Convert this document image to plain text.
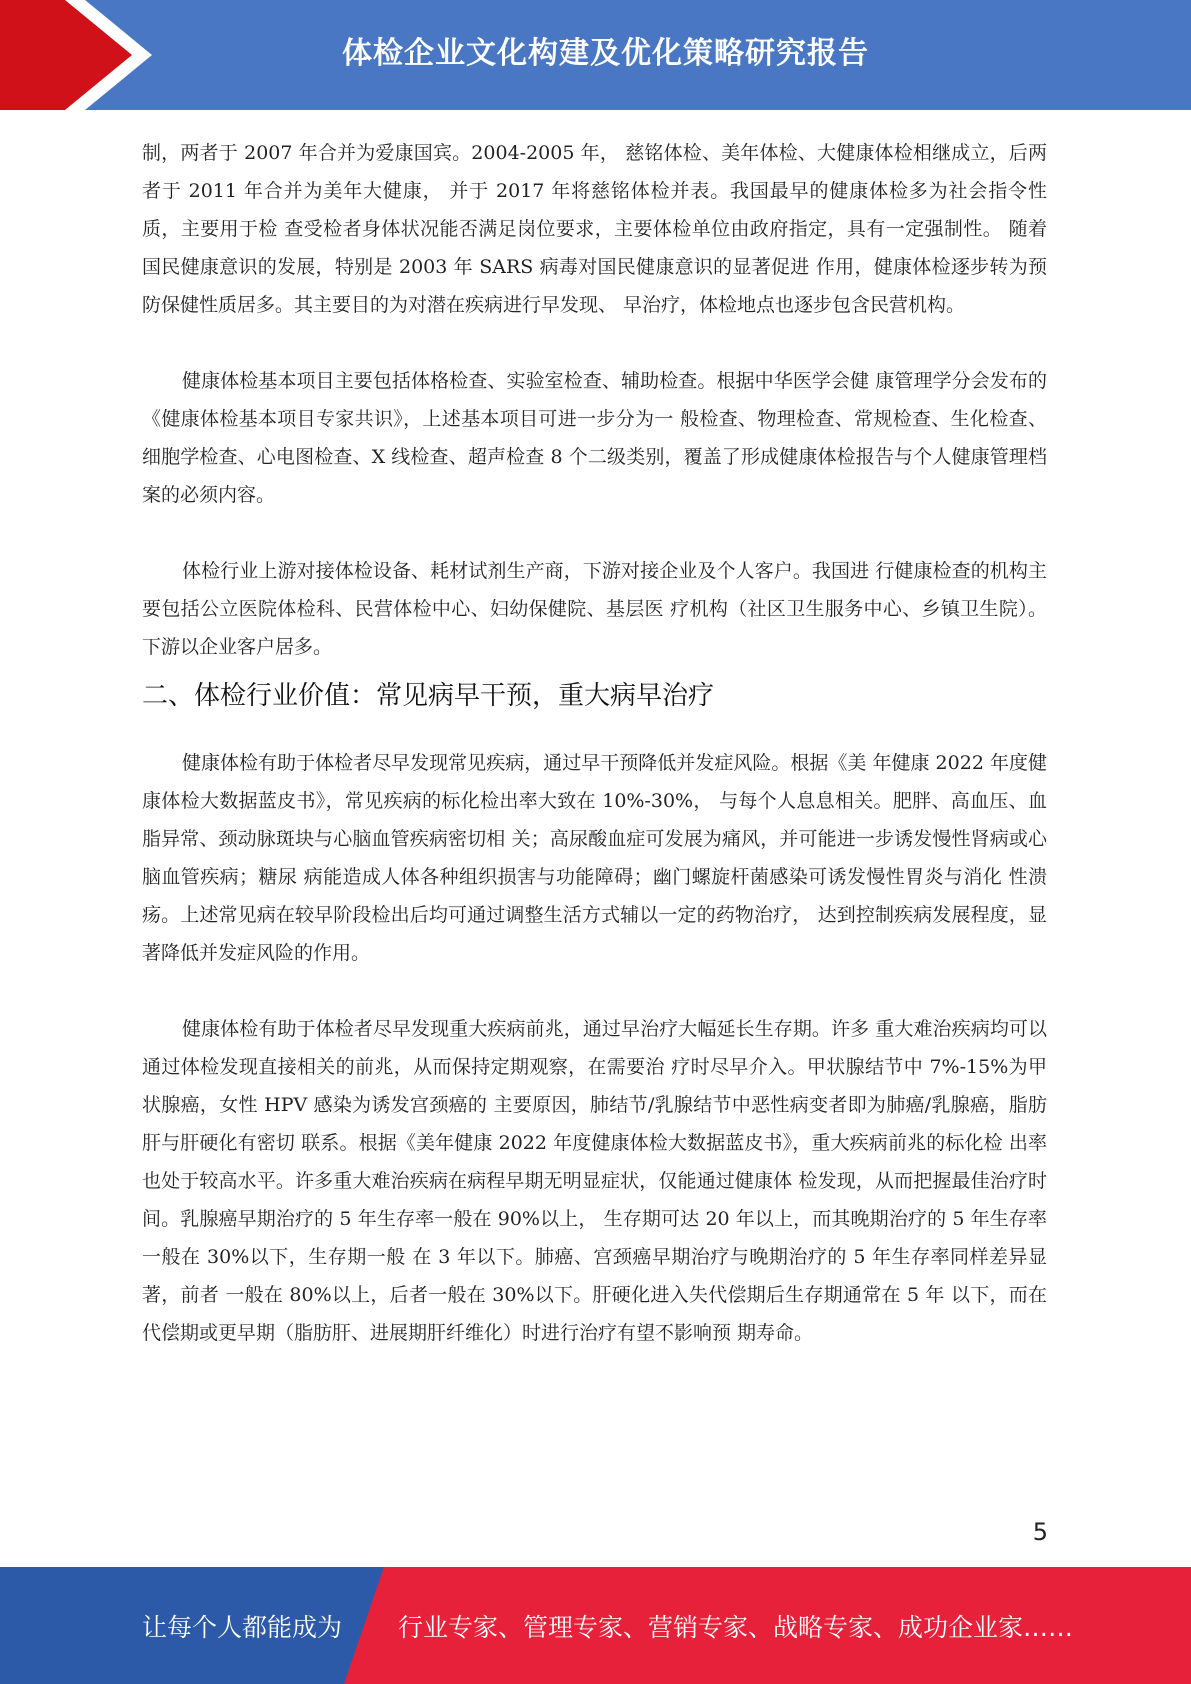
体检企业文化构建及优化策略研究报告

制，两者于 2007 年合并为爱康国宾。2004-2005 年， 慈铭体检、美年体检、大健康体检相继成立，后两者于 2011 年合并为美年大健康， 并于 2017 年将慈铭体检并表。我国最早的健康体检多为社会指令性质，主要用于检 查受检者身体状况能否满足岗位要求，主要体检单位由政府指定，具有一定强制性。 随着国民健康意识的发展，特别是 2003 年 SARS 病毒对国民健康意识的显著促进 作用，健康体检逐步转为预防保健性质居多。其主要目的为对潜在疾病进行早发现、 早治疗，体检地点也逐步包含民营机构。

健康体检基本项目主要包括体格检查、实验室检查、辅助检查。根据中华医学会健 康管理学分会发布的《健康体检基本项目专家共识》，上述基本项目可进一步分为一 般检查、物理检查、常规检查、生化检查、细胞学检查、心电图检查、X 线检查、超声检查 8 个二级类别，覆盖了形成健康体检报告与个人健康管理档案的必须内容。

体检行业上游对接体检设备、耗材试剂生产商，下游对接企业及个人客户。我国进 行健康检查的机构主要包括公立医院体检科、民营体检中心、妇幼保健院、基层医 疗机构（社区卫生服务中心、乡镇卫生院）。下游以企业客户居多。

二、体检行业价值：常见病早干预，重大病早治疗

健康体检有助于体检者尽早发现常见疾病，通过早干预降低并发症风险。根据《美 年健康 2022 年度健康体检大数据蓝皮书》，常见疾病的标化检出率大致在 10%-30%， 与每个人息息相关。肥胖、高血压、血脂异常、颈动脉斑块与心脑血管疾病密切相 关；高尿酸血症可发展为痛风，并可能进一步诱发慢性肾病或心脑血管疾病；糖尿 病能造成人体各种组织损害与功能障碍；幽门螺旋杆菌感染可诱发慢性胃炎与消化 性溃疡。上述常见病在较早阶段检出后均可通过调整生活方式辅以一定的药物治疗， 达到控制疾病发展程度，显著降低并发症风险的作用。

健康体检有助于体检者尽早发现重大疾病前兆，通过早治疗大幅延长生存期。许多 重大难治疾病均可以通过体检发现直接相关的前兆，从而保持定期观察，在需要治 疗时尽早介入。甲状腺结节中 7%-15%为甲状腺癌，女性 HPV 感染为诱发宫颈癌的 主要原因，肺结节/乳腺结节中恶性病变者即为肺癌/乳腺癌，脂肪肝与肝硬化有密切 联系。根据《美年健康 2022 年度健康体检大数据蓝皮书》，重大疾病前兆的标化检 出率也处于较高水平。许多重大难治疾病在病程早期无明显症状，仅能通过健康体 检发现，从而把握最佳治疗时间。乳腺癌早期治疗的 5 年生存率一般在 90%以上， 生存期可达 20 年以上，而其晚期治疗的 5 年生存率一般在 30%以下，生存期一般 在 3 年以下。肺癌、宫颈癌早期治疗与晚期治疗的 5 年生存率同样差异显著，前者 一般在 80%以上，后者一般在 30%以下。肝硬化进入失代偿期后生存期通常在 5 年 以下，而在代偿期或更早期（脂肪肝、进展期肝纤维化）时进行治疗有望不影响预 期寿命。

5
让每个人都能成为 行业专家、管理专家、营销专家、战略专家、成功企业家……
